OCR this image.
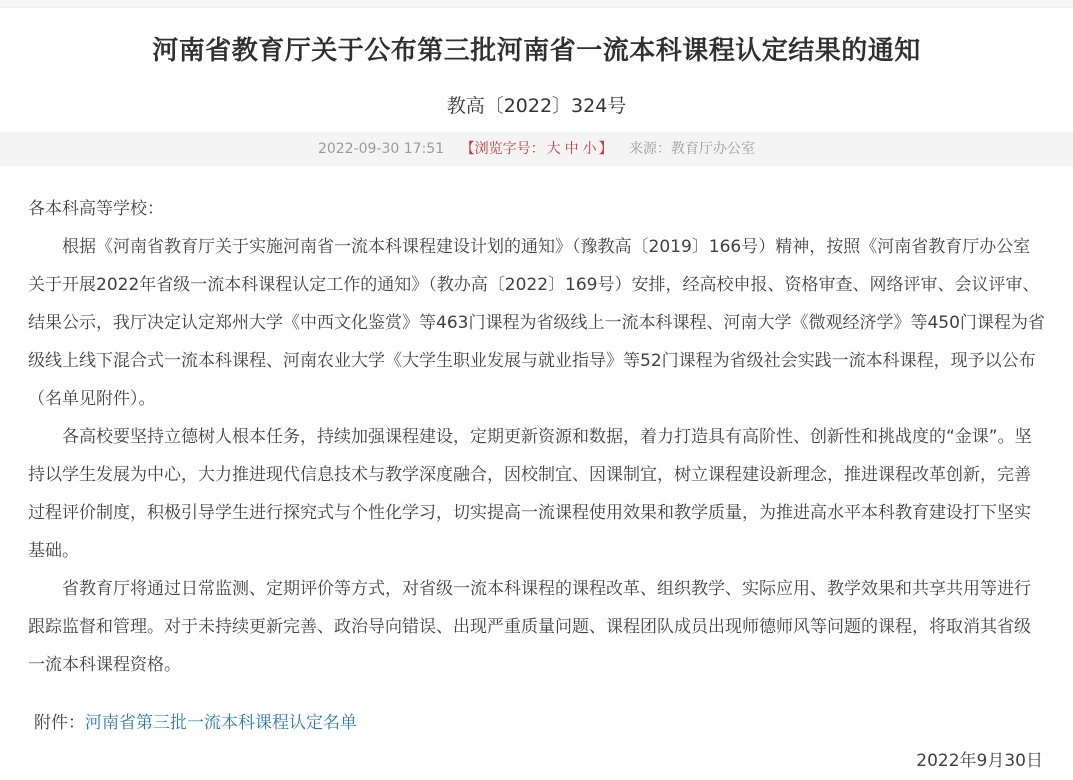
河南省教育厅关于公布第三批河南省一流本科课程认定结果的通知
教高〔2022〕324号
2022-09-30 17:51 【浏览字号： 大 中 小 】 来源：教育厅办公室

各本科高等学校：

根据《河南省教育厅关于实施河南省一流本科课程建设计划的通知》（豫教高〔2019〕166号）精神，按照《河南省教育厅办公室关于开展2022年省级一流本科课程认定工作的通知》（教办高〔2022〕169号）安排，经高校申报、资格审查、网络评审、会议评审、结果公示，我厅决定认定郑州大学《中西文化鉴赏》等463门课程为省级线上一流本科课程、河南大学《微观经济学》等450门课程为省级线上线下混合式一流本科课程、河南农业大学《大学生职业发展与就业指导》等52门课程为省级社会实践一流本科课程，现予以公布（名单见附件）。

各高校要坚持立德树人根本任务，持续加强课程建设，定期更新资源和数据，着力打造具有高阶性、创新性和挑战度的“金课”。坚持以学生发展为中心，大力推进现代信息技术与教学深度融合，因校制宜、因课制宜，树立课程建设新理念，推进课程改革创新，完善过程评价制度，积极引导学生进行探究式与个性化学习，切实提高一流课程使用效果和教学质量，为推进高水平本科教育建设打下坚实基础。

省教育厅将通过日常监测、定期评价等方式，对省级一流本科课程的课程改革、组织教学、实际应用、教学效果和共享共用等进行跟踪监督和管理。对于未持续更新完善、政治导向错误、出现严重质量问题、课程团队成员出现师德师风等问题的课程，将取消其省级一流本科课程资格。

附件：河南省第三批一流本科课程认定名单
2022年9月30日
